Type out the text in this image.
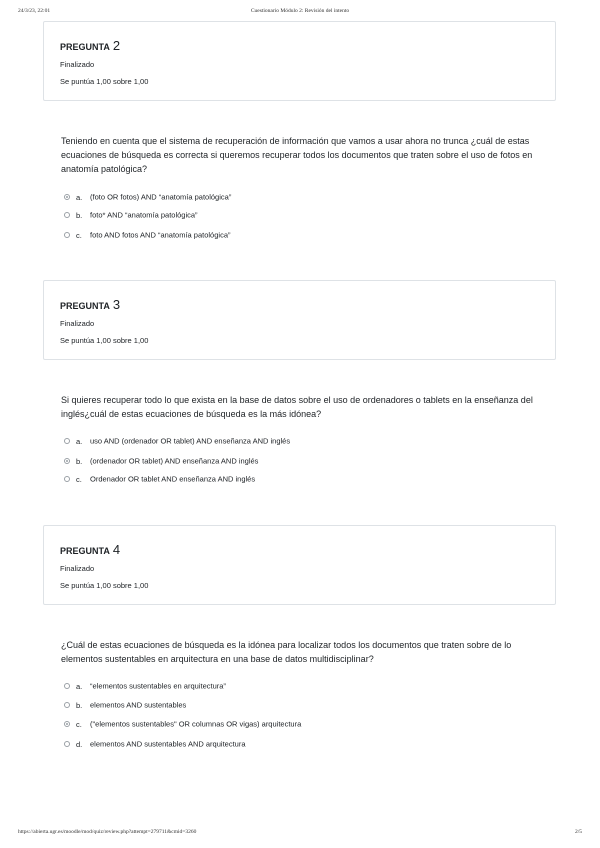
24/3/23, 22:01	Cuestionario Módulo 2: Revisión del intento
PREGUNTA 2
Finalizado
Se puntúa 1,00 sobre 1,00
Teniendo en cuenta que el sistema de recuperación de información que vamos a usar ahora no trunca ¿cuál de estas ecuaciones de búsqueda es correcta si queremos recuperar todos los documentos que traten sobre el uso de fotos en anatomía patológica?
a. (foto OR fotos) AND “anatomía patológica”
b. foto* AND “anatomía patológica”
c. foto AND fotos AND “anatomía patológica”
PREGUNTA 3
Finalizado
Se puntúa 1,00 sobre 1,00
Si quieres recuperar todo lo que exista en la base de datos sobre el uso de ordenadores o tablets en la enseñanza del inglés¿cuál de estas ecuaciones de búsqueda es la más idónea?
a. uso AND (ordenador OR tablet) AND enseñanza AND inglés
b. (ordenador OR tablet) AND enseñanza AND inglés
c. Ordenador OR tablet AND enseñanza AND inglés
PREGUNTA 4
Finalizado
Se puntúa 1,00 sobre 1,00
¿Cuál de estas ecuaciones de búsqueda es la idónea para localizar todos los documentos que traten sobre de lo elementos sustentables en arquitectura en una base de datos multidisciplinar?
a. “elementos sustentables en arquitectura”
b. elementos AND sustentables
c. ("elementos sustentables" OR columnas OR vigas) arquitectura
d. elementos AND sustentables AND arquitectura
https://abierta.ugr.es/moodle/mod/quiz/review.php?attempt=279711&cmid=3260	2/5
